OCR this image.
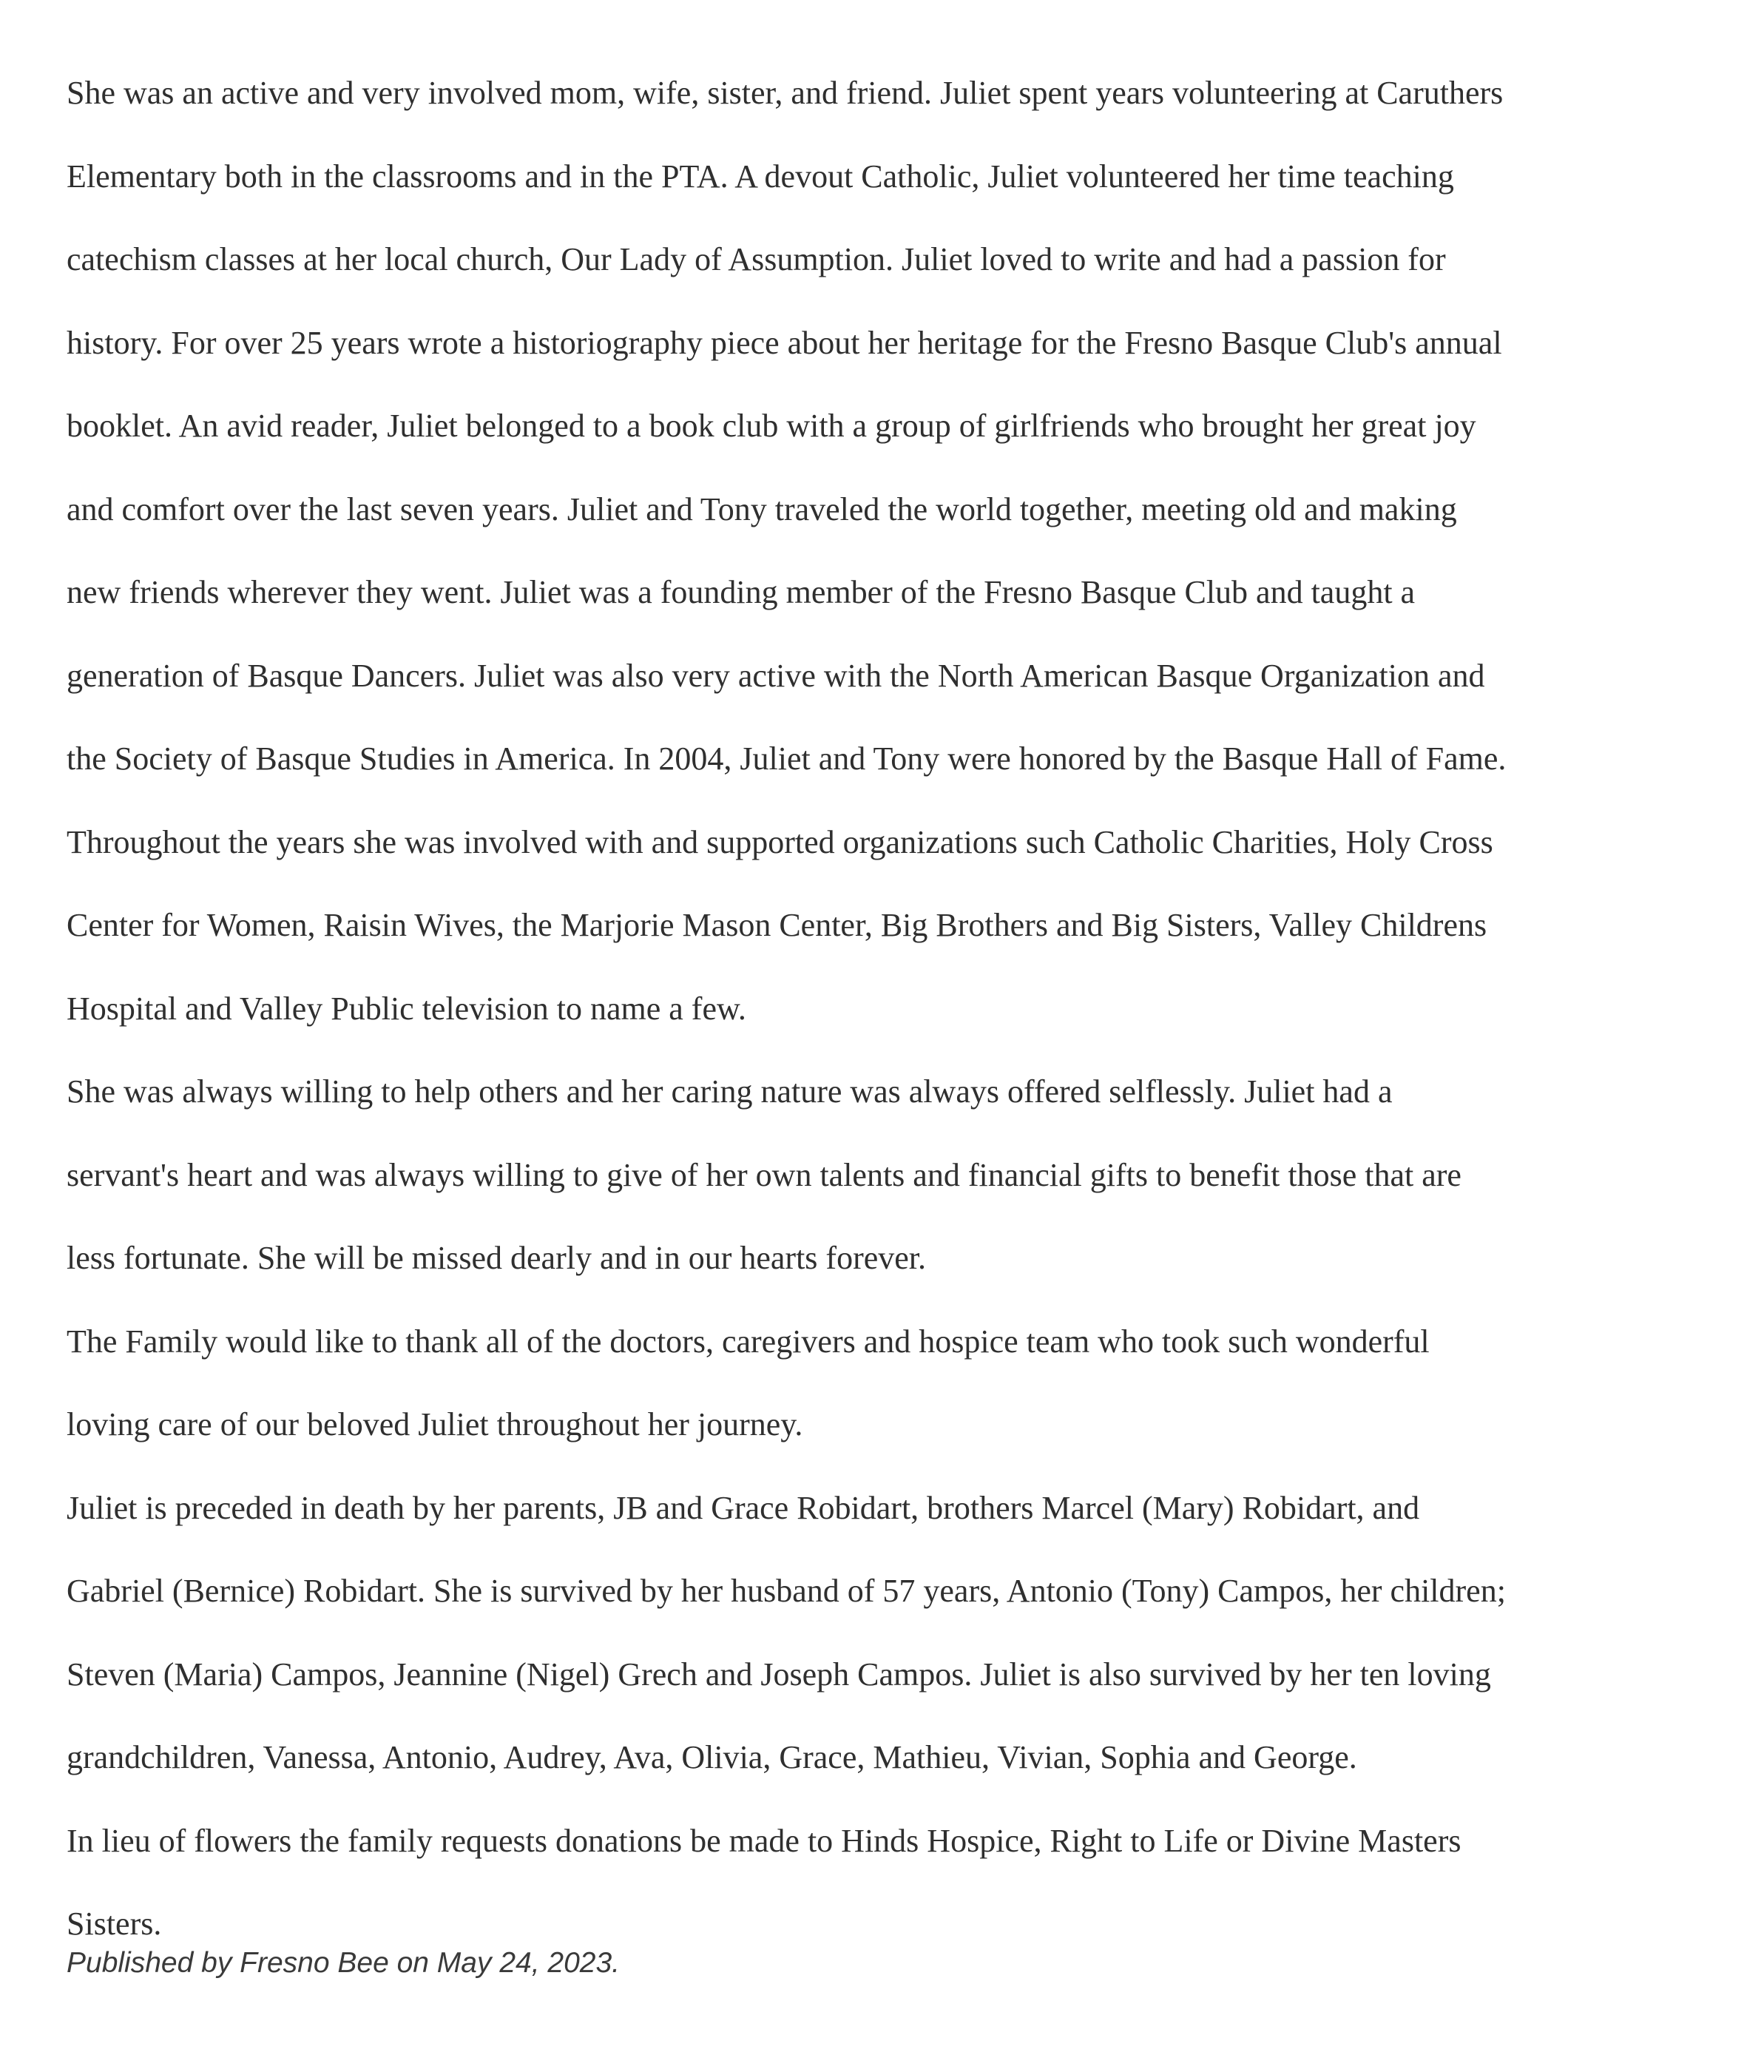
She was an active and very involved mom, wife, sister, and friend. Juliet spent years volunteering at Caruthers

Elementary both in the classrooms and in the PTA. A devout Catholic, Juliet volunteered her time teaching

catechism classes at her local church, Our Lady of Assumption. Juliet loved to write and had a passion for

history. For over 25 years wrote a historiography piece about her heritage for the Fresno Basque Club's annual

booklet. An avid reader, Juliet belonged to a book club with a group of girlfriends who brought her great joy

and comfort over the last seven years. Juliet and Tony traveled the world together, meeting old and making

new friends wherever they went. Juliet was a founding member of the Fresno Basque Club and taught a

generation of Basque Dancers. Juliet was also very active with the North American Basque Organization and

the Society of Basque Studies in America. In 2004, Juliet and Tony were honored by the Basque Hall of Fame.

Throughout the years she was involved with and supported organizations such Catholic Charities, Holy Cross

Center for Women, Raisin Wives, the Marjorie Mason Center, Big Brothers and Big Sisters, Valley Childrens

Hospital and Valley Public television to name a few.

She was always willing to help others and her caring nature was always offered selflessly. Juliet had a

servant's heart and was always willing to give of her own talents and financial gifts to benefit those that are

less fortunate. She will be missed dearly and in our hearts forever.

The Family would like to thank all of the doctors, caregivers and hospice team who took such wonderful

loving care of our beloved Juliet throughout her journey.

Juliet is preceded in death by her parents, JB and Grace Robidart, brothers Marcel (Mary) Robidart, and

Gabriel (Bernice) Robidart. She is survived by her husband of 57 years, Antonio (Tony) Campos, her children;

Steven (Maria) Campos, Jeannine (Nigel) Grech and Joseph Campos. Juliet is also survived by her ten loving

grandchildren, Vanessa, Antonio, Audrey, Ava, Olivia, Grace, Mathieu, Vivian, Sophia and George.

In lieu of flowers the family requests donations be made to Hinds Hospice, Right to Life or Divine Masters

Sisters.

Published by Fresno Bee on May 24, 2023.
